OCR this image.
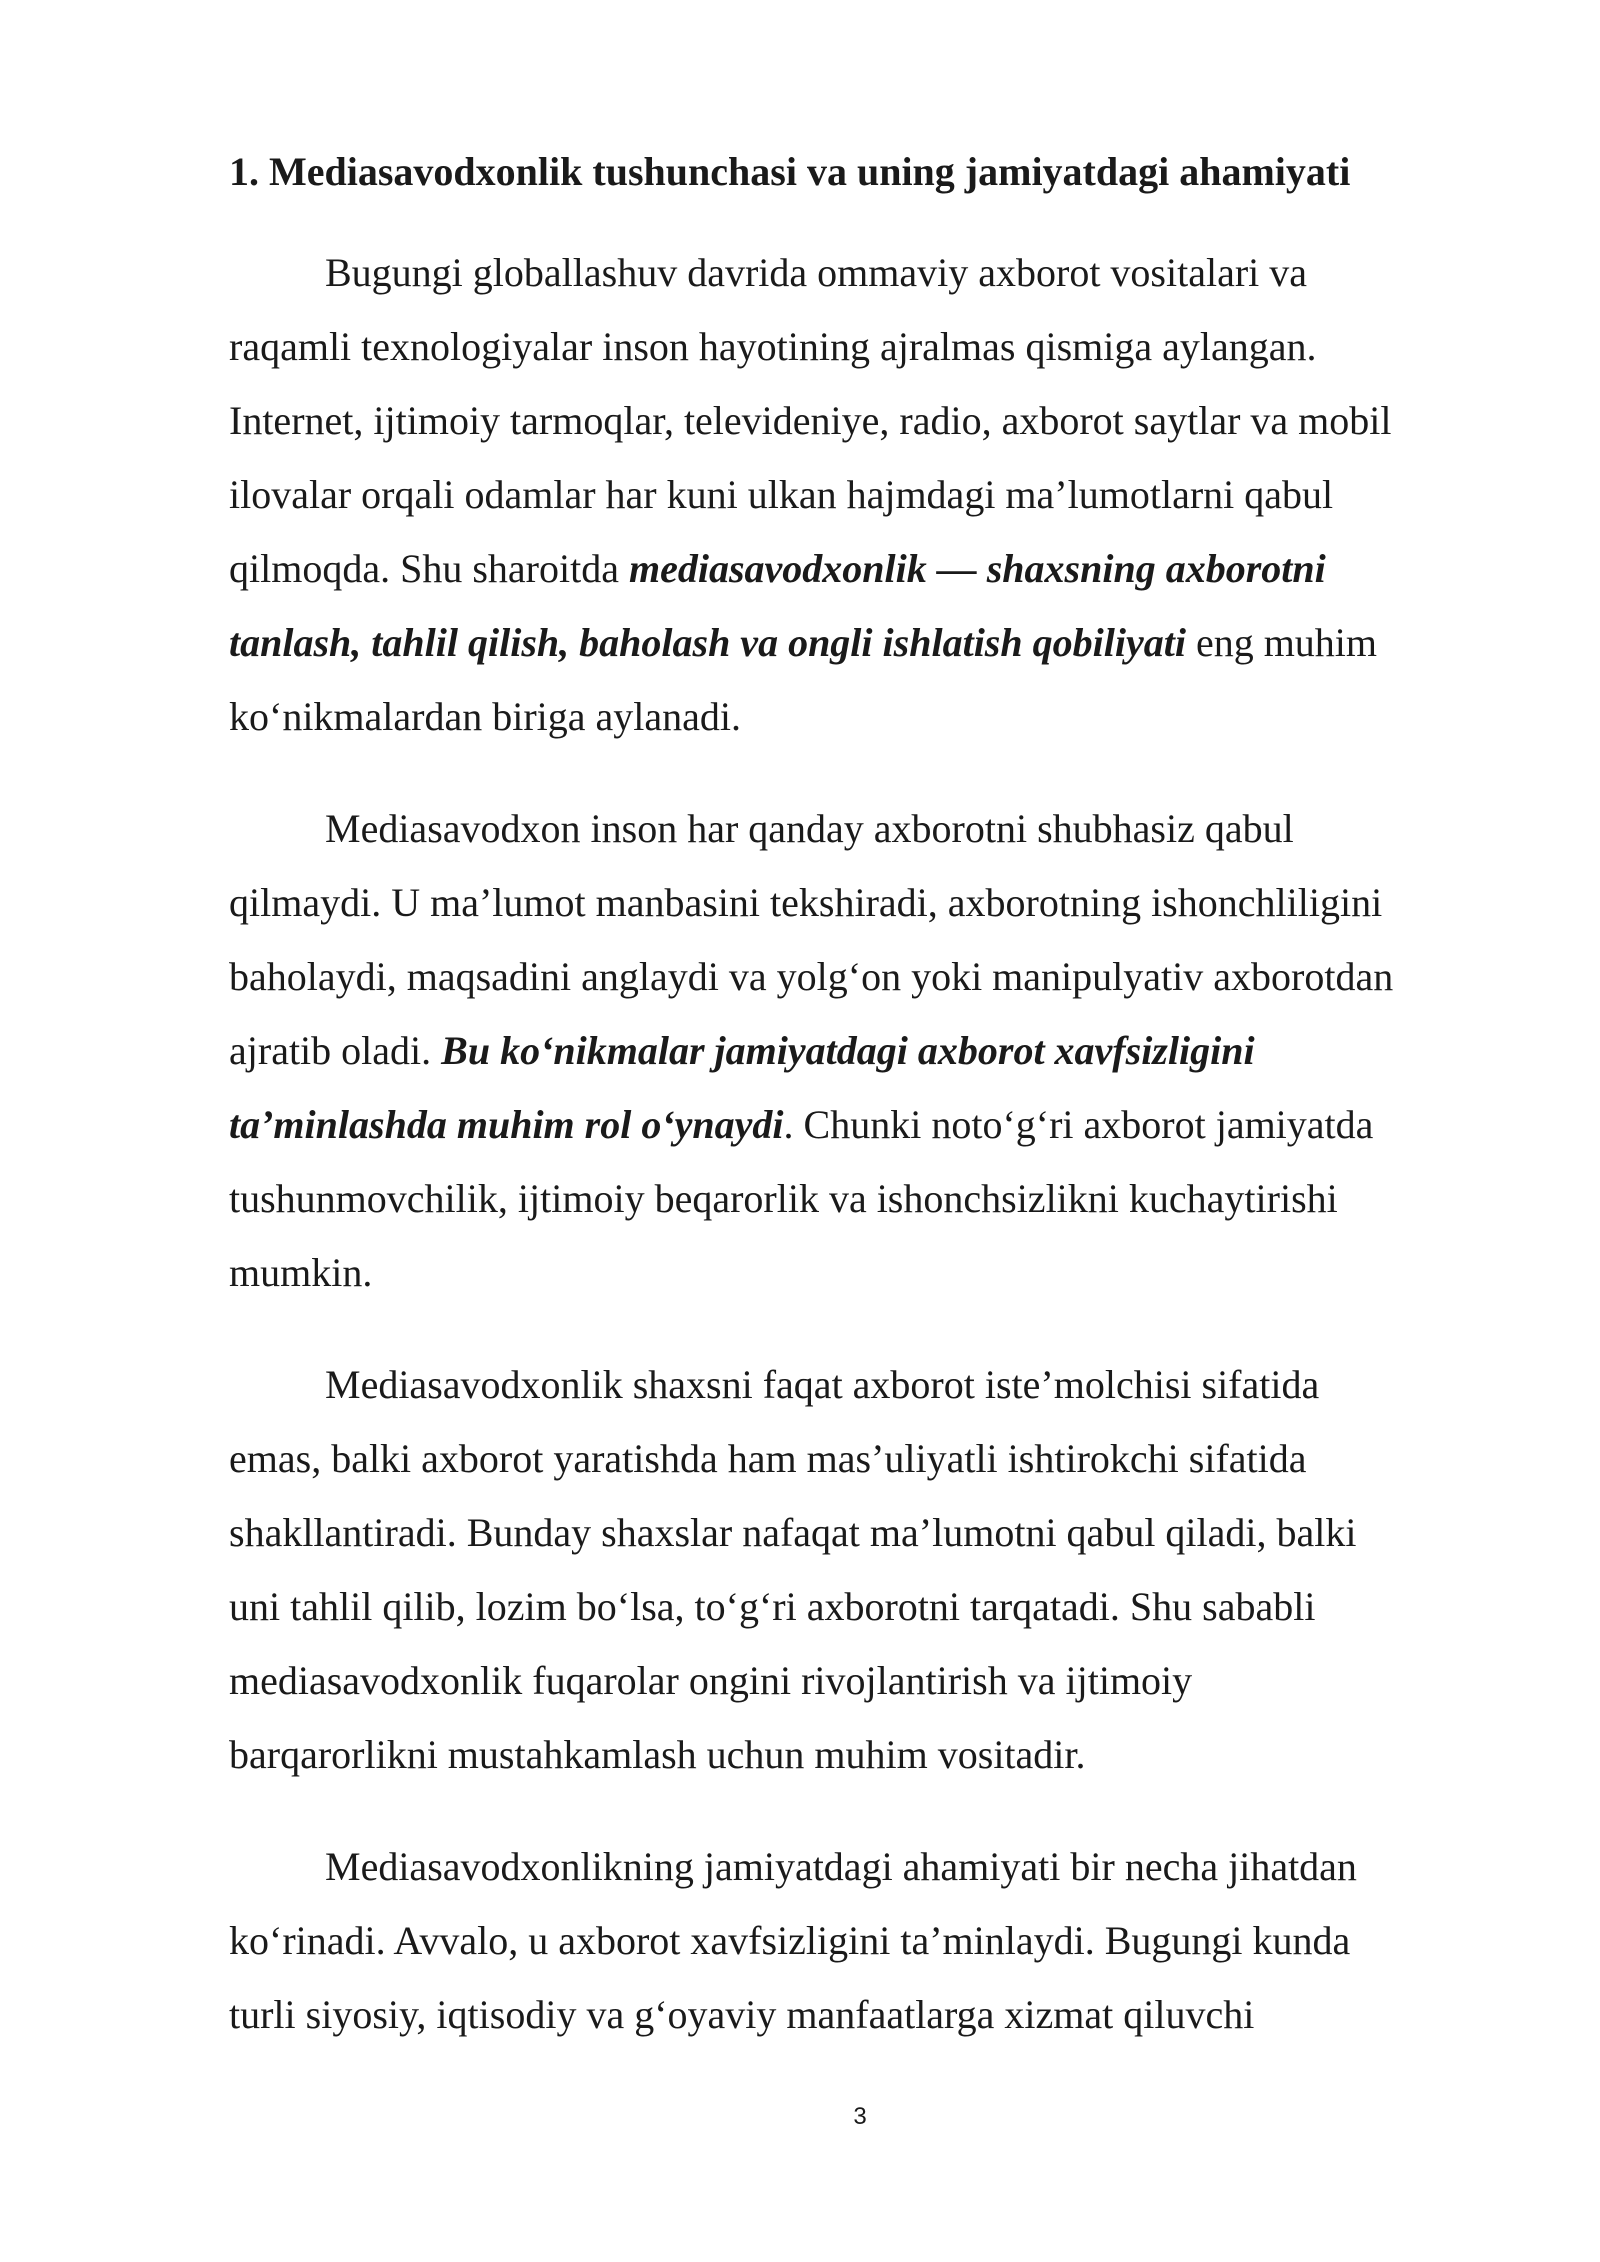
1. Mediasavodxonlik tushunchasi va uning jamiyatdagi ahamiyati

Bugungi globallashuv davrida ommaviy axborot vositalari va
raqamli texnologiyalar inson hayotining ajralmas qismiga aylangan.
Internet, ijtimoiy tarmoqlar, televideniye, radio, axborot saytlar va mobil
ilovalar orqali odamlar har kuni ulkan hajmdagi ma’lumotlarni qabul
qilmoqda. Shu sharoitda mediasavodxonlik — shaxsning axborotni
tanlash, tahlil qilish, baholash va ongli ishlatish qobiliyati eng muhim
ko‘nikmalardan biriga aylanadi.

Mediasavodxon inson har qanday axborotni shubhasiz qabul
qilmaydi. U ma’lumot manbasini tekshiradi, axborotning ishonchliligini
baholaydi, maqsadini anglaydi va yolg‘on yoki manipulyativ axborotdan
ajratib oladi. Bu ko‘nikmalar jamiyatdagi axborot xavfsizligini
ta’minlashda muhim rol o‘ynaydi. Chunki noto‘g‘ri axborot jamiyatda
tushunmovchilik, ijtimoiy beqarorlik va ishonchsizlikni kuchaytirishi
mumkin.

Mediasavodxonlik shaxsni faqat axborot iste’molchisi sifatida
emas, balki axborot yaratishda ham mas’uliyatli ishtirokchi sifatida
shakllantiradi. Bunday shaxslar nafaqat ma’lumotni qabul qiladi, balki
uni tahlil qilib, lozim bo‘lsa, to‘g‘ri axborotni tarqatadi. Shu sababli
mediasavodxonlik fuqarolar ongini rivojlantirish va ijtimoiy
barqarorlikni mustahkamlash uchun muhim vositadir.

Mediasavodxonlikning jamiyatdagi ahamiyati bir necha jihatdan
ko‘rinadi. Avvalo, u axborot xavfsizligini ta’minlaydi. Bugungi kunda
turli siyosiy, iqtisodiy va g‘oyaviy manfaatlarga xizmat qiluvchi

3
